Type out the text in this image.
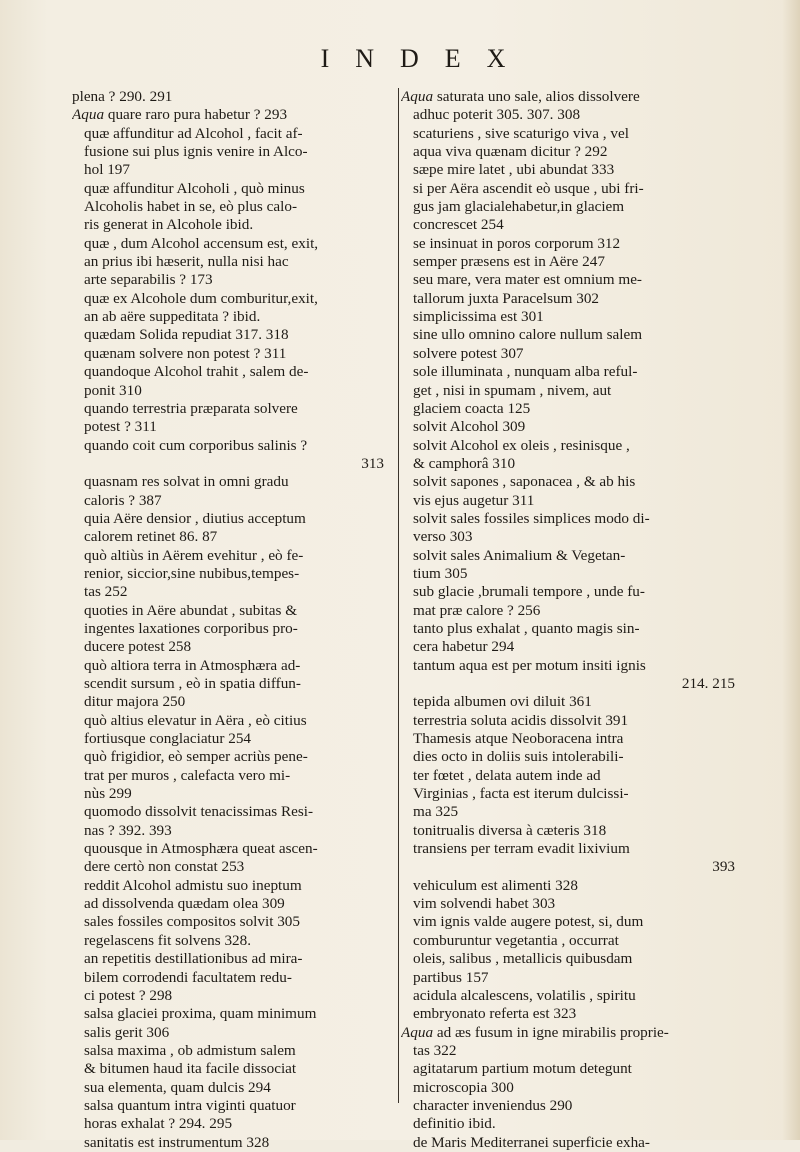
INDEX
plena ? 290. 291
Aqua quare raro pura habetur ? 293
quæ affunditur ad Alcohol , facit af-
fusione sui plus ignis venire in Alco-
hol 197
quæ affunditur Alcoholi , quò minus
Alcoholis habet in se, eò plus calo-
ris generat in Alcohole ibid.
quæ , dum Alcohol accensum est, exit,
an prius ibi hæserit, nulla nisi hac
arte separabilis ? 173
quæ ex Alcohole dum comburitur,exit,
an ab aëre suppeditata ? ibid.
quædam Solida repudiat 317. 318
quænam solvere non potest ? 311
quandoque Alcohol trahit , salem de-
ponit 310
quando terrestria præparata solvere
potest ? 311
quando coit cum corporibus salinis ?
313
quasnam res solvat in omni gradu
caloris ? 387
quia Aëre densior , diutius acceptum
calorem retinet 86. 87
quò altiùs in Aërem evehitur , eò fe-
renior, siccior,sine nubibus,tempes-
tas 252
quoties in Aëre abundat , subitas &
ingentes laxationes corporibus pro-
ducere potest 258
quò altiora terra in Atmosphæra ad-
scendit sursum , eò in spatia diffun-
ditur majora 250
quò altius elevatur in Aëra , eò citius
fortiusque conglaciatur 254
quò frigidior, eò semper acriùs pene-
trat per muros , calefacta vero mi-
nùs 299
quomodo dissolvit tenacissimas Resi-
nas ? 392. 393
quousque in Atmosphæra queat ascen-
dere certò non constat 253
reddit Alcohol admistu suo ineptum
ad dissolvenda quædam olea 309
sales fossiles compositos solvit 305
regelascens fit solvens 328.
an repetitis destillationibus ad mira-
bilem corrodendi facultatem redu-
ci potest ? 298
salsa glaciei proxima, quam minimum
salis gerit 306
salsa maxima , ob admistum salem
& bitumen haud ita facile dissociat
sua elementa, quam dulcis 294
salsa quantum intra viginti quatuor
horas exhalat ? 294. 295
sanitatis est instrumentum 328
Aqua saturata uno sale, alios dissolvere
adhuc poterit 305. 307. 308
scaturiens , sive scaturigo viva , vel
aqua viva quænam dicitur ? 292
sæpe mire latet , ubi abundat 333
si per Aëra ascendit eò usque , ubi fri-
gus jam glacialehabetur,in glaciem
concrescet 254
se insinuat in poros corporum 312
semper præsens est in Aëre 247
seu mare, vera mater est omnium me-
tallorum juxta Paracelsum 302
simplicissima est 301
sine ullo omnino calore nullum salem
solvere potest 307
sole illuminata , nunquam alba reful-
get , nisi in spumam , nivem, aut
glaciem coacta 125
solvit Alcohol 309
solvit Alcohol ex oleis , resinisque ,
& camphorâ 310
solvit sapones , saponacea , & ab his
vis ejus augetur 311
solvit sales fossiles simplices modo di-
verso 303
solvit sales Animalium & Vegetan-
tium 305
sub glacie ,brumali tempore , unde fu-
mat præ calore ? 256
tanto plus exhalat , quanto magis sin-
cera habetur 294
tantum aqua est per motum insiti ignis
214. 215
tepida albumen ovi diluit 361
terrestria soluta acidis dissolvit 391
Thamesis atque Neoboracena intra
dies octo in doliis suis intolerabili-
ter fœtet , delata autem inde ad
Virginias , facta est iterum dulcissi-
ma 325
tonitrualis diversa à cæteris 318
transiens per terram evadit lixivium
393
vehiculum est alimenti 328
vim solvendi habet 303
vim ignis valde augere potest, si, dum
comburuntur vegetantia , occurrat
oleis, salibus , metallicis quibusdam
partibus 157
acidula alcalescens, volatilis , spiritu
embryonato referta est 323
Aqua ad æs fusum in igne mirabilis proprie-
tas 322
agitatarum partium motum detegunt
microscopia 300
character inveniendus 290
definitio ibid.
de Maris Mediterranei superficie exha-
